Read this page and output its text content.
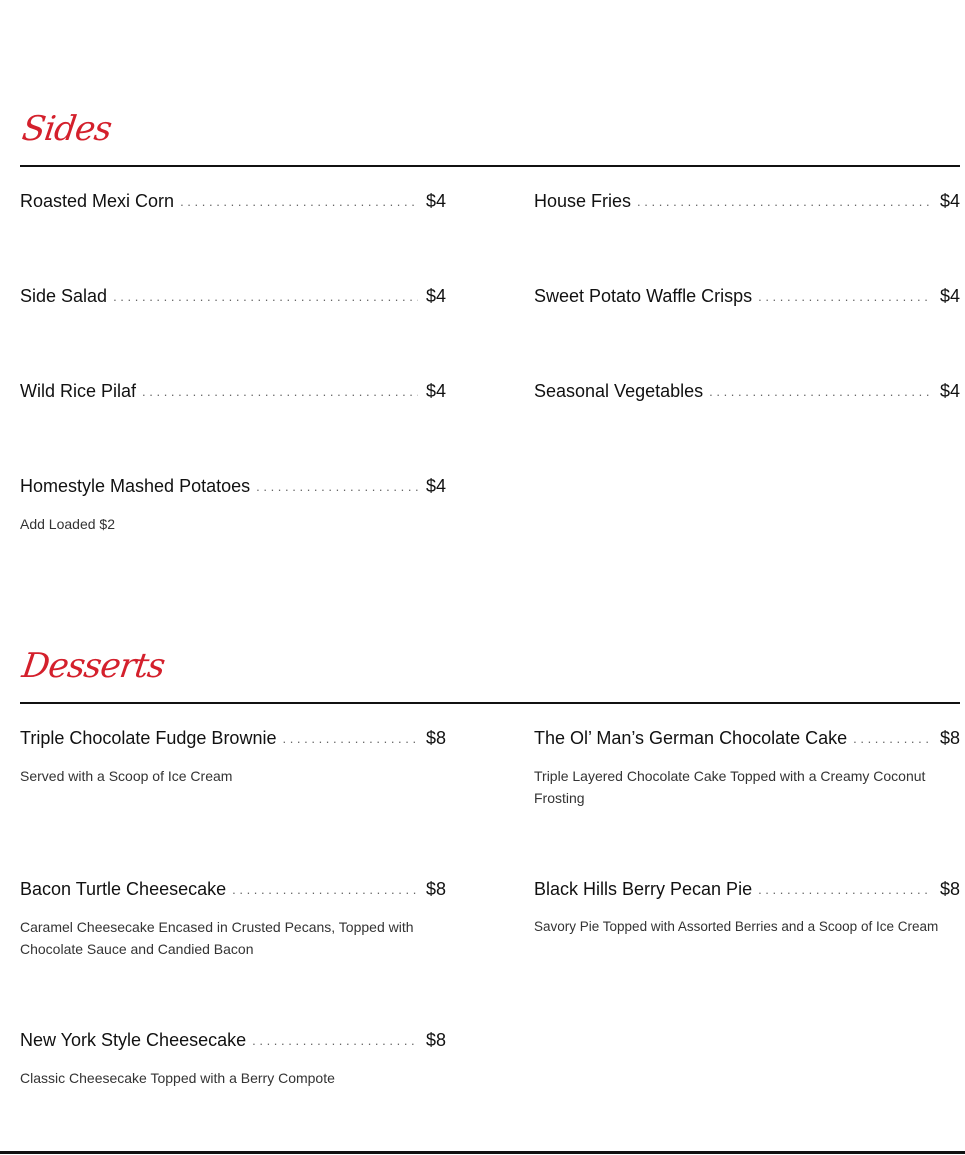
Sides
Roasted Mexi Corn . . .	$4	House Fries . . .	$4
Side Salad . . .	$4	Sweet Potato Waffle Crisps . . .	$4
Wild Rice Pilaf . . .	$4	Seasonal Vegetables . . .	$4
Homestyle Mashed Potatoes . . .	$4
Add Loaded $2
Desserts
Triple Chocolate Fudge Brownie . . .	$8
Served with a Scoop of Ice Cream
The Ol’ Man’s German Chocolate Cake . . .	$8
Triple Layered Chocolate Cake Topped with a Creamy Coconut Frosting
Bacon Turtle Cheesecake . . .	$8
Caramel Cheesecake Encased in Crusted Pecans, Topped with Chocolate Sauce and Candied Bacon
Black Hills Berry Pecan Pie . . .	$8
Savory Pie Topped with Assorted Berries and a Scoop of Ice Cream
New York Style Cheesecake . . .	$8
Classic Cheesecake Topped with a Berry Compote
